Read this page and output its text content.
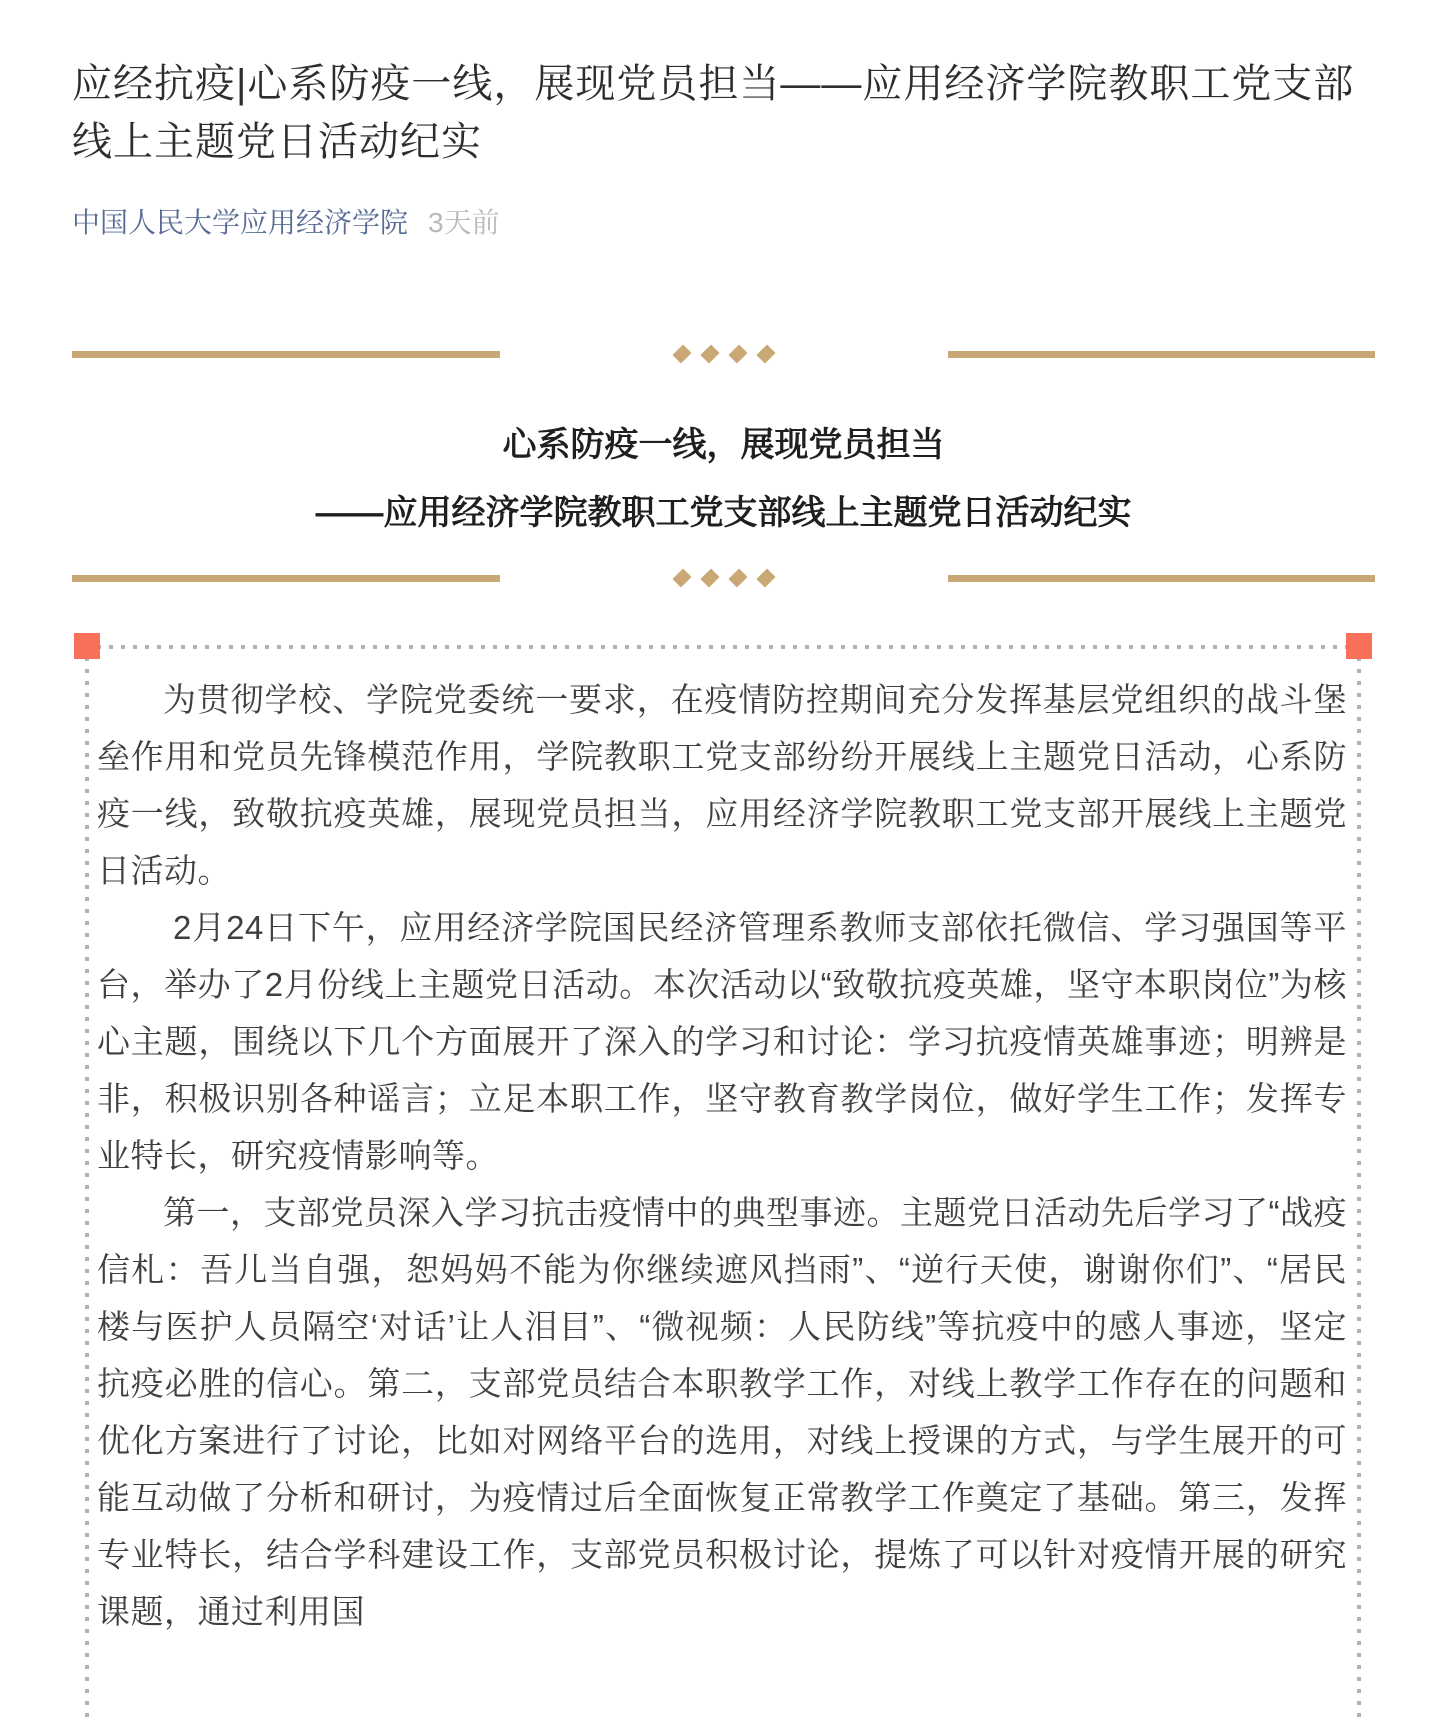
应经抗疫|心系防疫一线，展现党员担当——应用经济学院教职工党支部线上主题党日活动纪实
中国人民大学应用经济学院 3天前
心系防疫一线，展现党员担当
——应用经济学院教职工党支部线上主题党日活动纪实

为贯彻学校、学院党委统一要求，在疫情防控期间充分发挥基层党组织的战斗堡垒作用和党员先锋模范作用，学院教职工党支部纷纷开展线上主题党日活动，心系防疫一线，致敬抗疫英雄，展现党员担当，应用经济学院教职工党支部开展线上主题党日活动。

2月24日下午，应用经济学院国民经济管理系教师支部依托微信、学习强国等平台，举办了2月份线上主题党日活动。本次活动以“致敬抗疫英雄，坚守本职岗位”为核心主题，围绕以下几个方面展开了深入的学习和讨论：学习抗疫情英雄事迹；明辨是非，积极识别各种谣言；立足本职工作，坚守教育教学岗位，做好学生工作；发挥专业特长，研究疫情影响等。

第一，支部党员深入学习抗击疫情中的典型事迹。主题党日活动先后学习了“战疫信札：吾儿当自强，恕妈妈不能为你继续遮风挡雨”、“逆行天使，谢谢你们”、“居民楼与医护人员隔空‘对话’让人泪目”、“微视频：人民防线”等抗疫中的感人事迹，坚定抗疫必胜的信心。第二，支部党员结合本职教学工作，对线上教学工作存在的问题和优化方案进行了讨论，比如对网络平台的选用，对线上授课的方式，与学生展开的可能互动做了分析和研讨，为疫情过后全面恢复正常教学工作奠定了基础。第三，发挥专业特长，结合学科建设工作，支部党员积极讨论，提炼了可以针对疫情开展的研究课题，通过利用国
